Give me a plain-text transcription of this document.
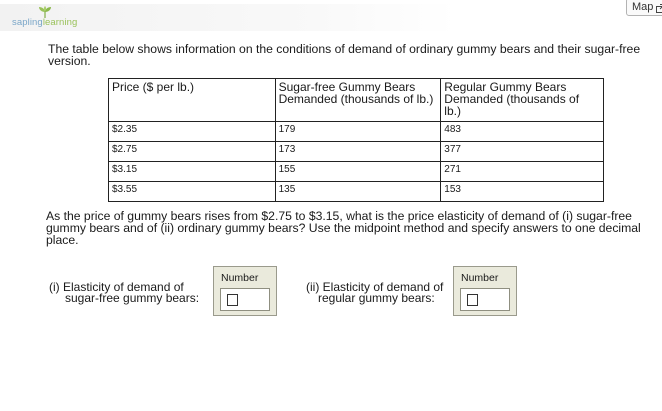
saplinglearning
Map
The table below shows information on the conditions of demand of ordinary gummy bears and their sugar-free version.
Price ($ per lb.)	Sugar-free Gummy Bears Demanded (thousands of lb.)	Regular Gummy Bears Demanded (thousands of lb.)
$2.35	179	483
$2.75	173	377
$3.15	155	271
$3.55	135	153
As the price of gummy bears rises from $2.75 to $3.15, what is the price elasticity of demand of (i) sugar-free gummy bears and of (ii) ordinary gummy bears? Use the midpoint method and specify answers to one decimal place.
(i) Elasticity of demand of
sugar-free gummy bears:
Number
(ii) Elasticity of demand of
regular gummy bears:
Number
